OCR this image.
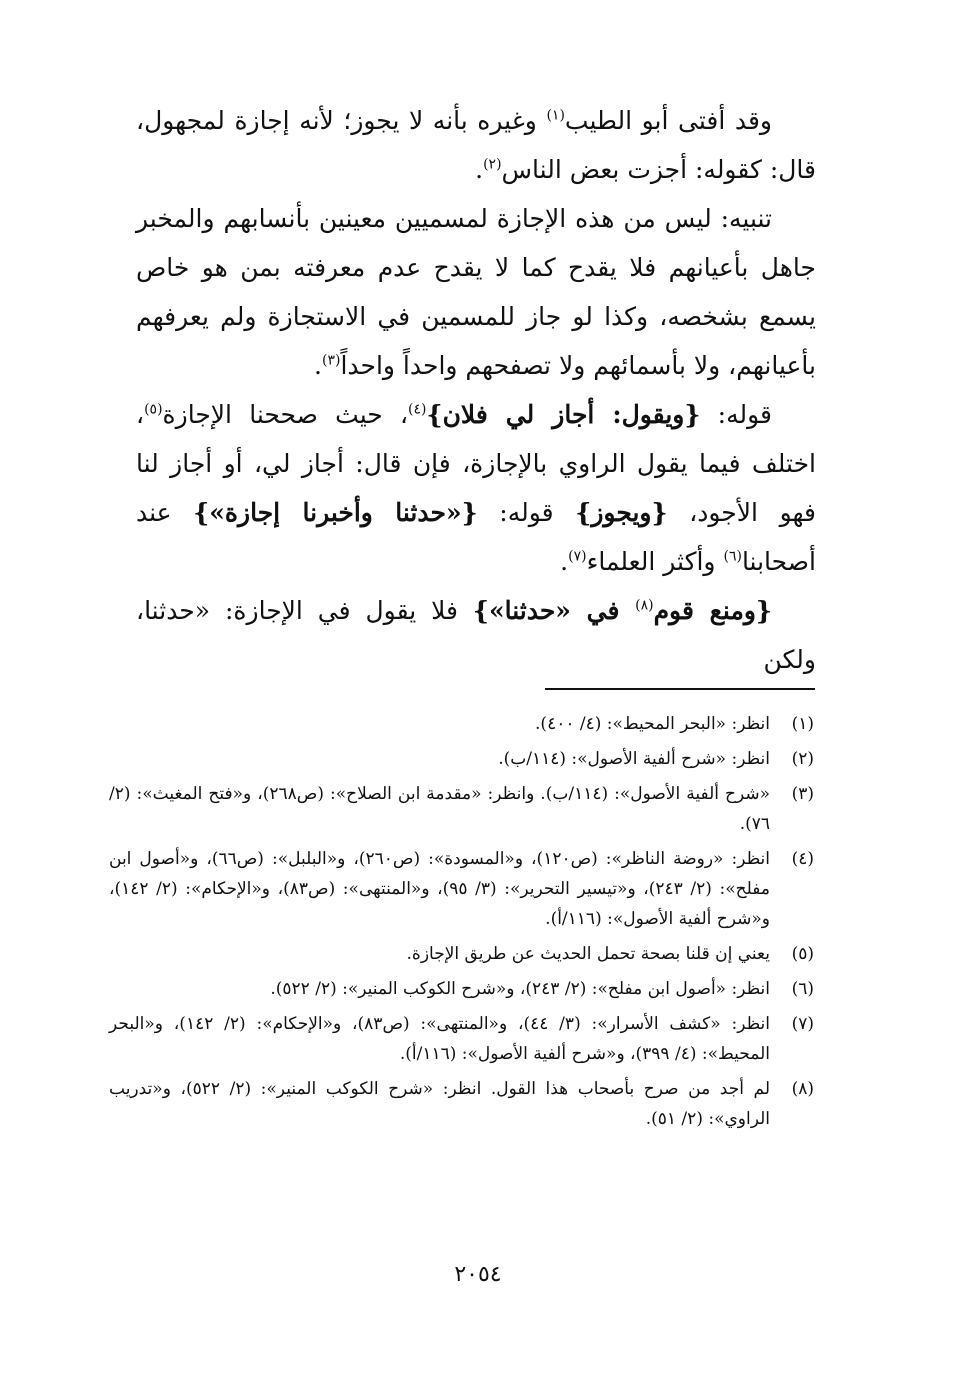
وقد أفتى أبو الطيب$^{(١)}$ وغيره بأنه لا يجوز؛ لأنه إجازة لمجهول، قال: كقوله: أجزت بعض الناس$^{(٢)}$.

تنبيه: ليس من هذه الإجازة لمسميين معينين بأنسابهم والمخبر جاهل بأعيانهم فلا يقدح كما لا يقدح عدم معرفته بمن هو خاص يسمع بشخصه، وكذا لو جاز للمسمين في الاستجازة ولم يعرفهم بأعيانهم، ولا بأسمائهم ولا تصفحهم واحداً واحداً$^{(٣)}$.

قوله: {ويقول: أجاز لي فلان}$^{(٤)}$، حيث صححنا الإجازة$^{(٥)}$، اختلف فيما يقول الراوي بالإجازة، فإن قال: أجاز لي، أو أجاز لنا فهو الأجود، {ويجوز} قوله: {«حدثنا وأخبرنا إجازة»} عند أصحابنا$^{(٦)}$ وأكثر العلماء$^{(٧)}$.

{ومنع قوم$^{(٨)}$ في «حدثنا»} فلا يقول في الإجازة: «حدثنا، ولكن

(١)
انظر: «البحر المحيط»: (٤/ ٤٠٠).
(٢)
انظر: «شرح ألفية الأصول»: (١١٤/ب).
(٣)
«شرح ألفية الأصول»: (١١٤/ب). وانظر: «مقدمة ابن الصلاح»: (ص٢٦٨)، و«فتح المغيث»: (٢/ ٧٦).
(٤)
انظر: «روضة الناظر»: (ص١٢٠)، و«المسودة»: (ص٢٦٠)، و«البلبل»: (ص٦٦)، و«أصول ابن مفلح»: (٢/ ٢٤٣)، و«تيسير التحرير»: (٣/ ٩٥)، و«المنتهى»: (ص٨٣)، و«الإحكام»: (٢/ ١٤٢)، و«شرح ألفية الأصول»: (١١٦/أ).
(٥)
يعني إن قلنا بصحة تحمل الحديث عن طريق الإجازة.
(٦)
انظر: «أصول ابن مفلح»: (٢/ ٢٤٣)، و«شرح الكوكب المنير»: (٢/ ٥٢٢).
(٧)
انظر: «كشف الأسرار»: (٣/ ٤٤)، و«المنتهى»: (ص٨٣)، و«الإحكام»: (٢/ ١٤٢)، و«البحر المحيط»: (٤/ ٣٩٩)، و«شرح ألفية الأصول»: (١١٦/أ).
(٨)
لم أجد من صرح بأصحاب هذا القول. انظر: «شرح الكوكب المنير»: (٢/ ٥٢٢)، و«تدريب الراوي»: (٢/ ٥١).
٢٠٥٤
